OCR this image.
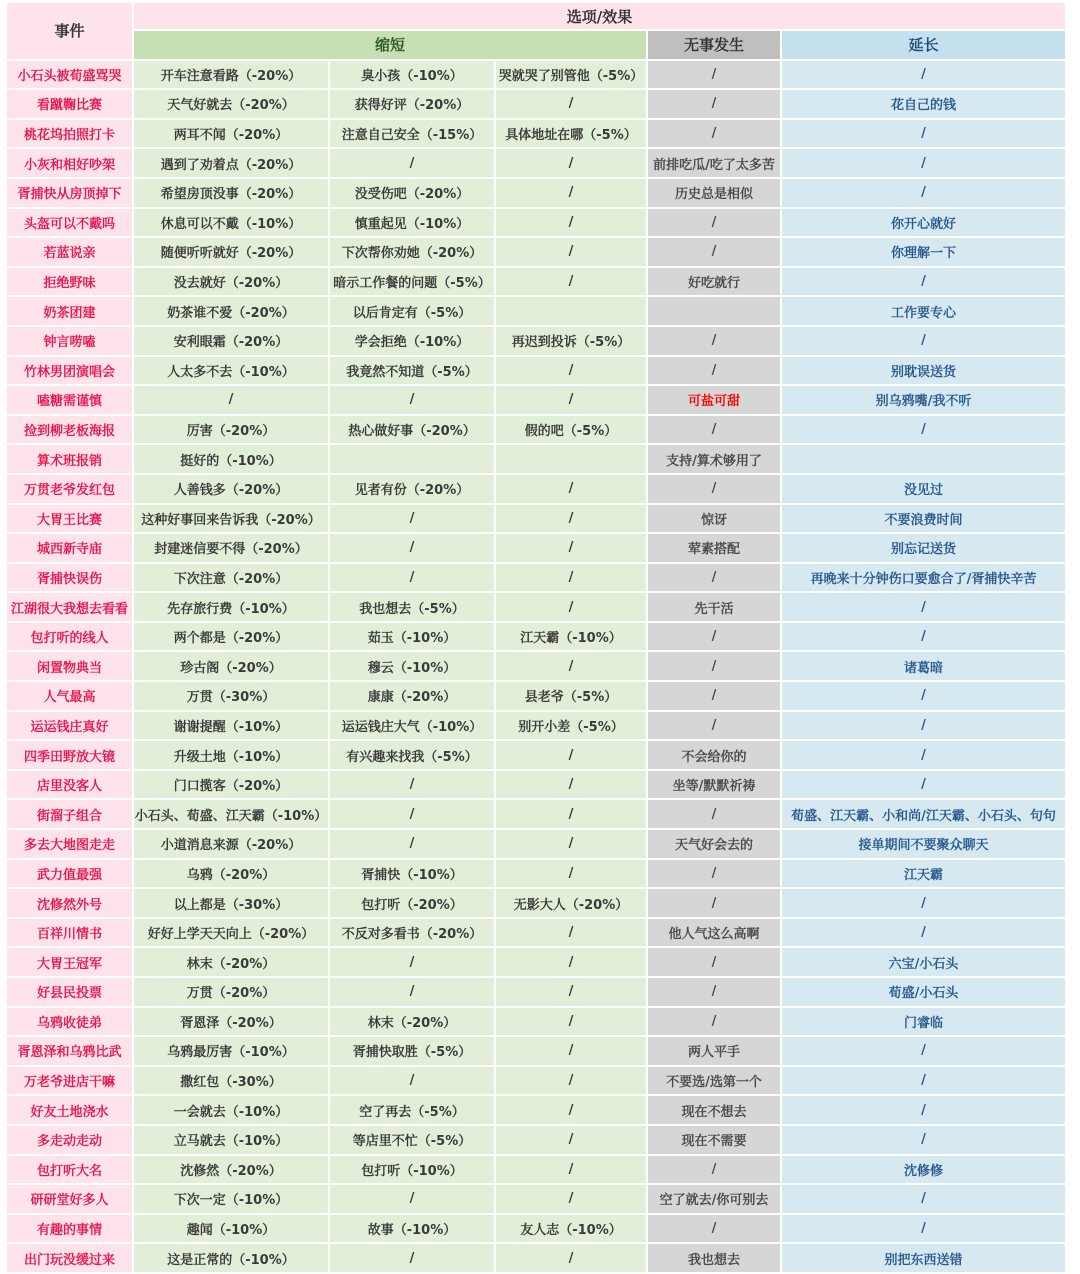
事件	选项/效果				
	缩短			无事发生	延长
小石头被荀盛骂哭	开车注意看路（-20%）	臭小孩（-10%）	哭就哭了别管他（-5%）	/	/
看蹴鞠比赛	天气好就去（-20%）	获得好评（-20%）	/	/	花自己的钱
桃花坞拍照打卡	两耳不闻（-20%）	注意自己安全（-15%）	具体地址在哪（-5%）	/	/
小灰和相好吵架	遇到了劝着点（-20%）	/	/	前排吃瓜/吃了太多苦	/
胥捕快从房顶掉下	希望房顶没事（-20%）	没受伤吧（-20%）	/	历史总是相似	/
头盔可以不戴吗	休息可以不戴（-10%）	慎重起见（-10%）	/	/	你开心就好
若蓝说亲	随便听听就好（-20%）	下次帮你劝她（-20%）	/	/	你理解一下
拒绝野味	没去就好（-20%）	暗示工作餐的问题（-5%）	/	好吃就行	/
奶茶团建	奶茶谁不爱（-20%）	以后肯定有（-5%）			工作要专心
钟言唠嗑	安利眼霜（-20%）	学会拒绝（-10%）	再迟到投诉（-5%）	/	/
竹林男团演唱会	人太多不去（-10%）	我竟然不知道（-5%）	/	/	别耽误送货
嗑糖需谨慎	/	/	/	可盐可甜	别乌鸦嘴/我不听
捡到柳老板海报	厉害（-20%）	热心做好事（-20%）	假的吧（-5%）	/	/
算术班报销	挺好的（-10%）			支持/算术够用了	
万贯老爷发红包	人善钱多（-20%）	见者有份（-20%）	/	/	没见过
大胃王比赛	这种好事回来告诉我（-20%）	/	/	惊讶	不要浪费时间
城西新寺庙	封建迷信要不得（-20%）	/	/	荤素搭配	别忘记送货
胥捕快误伤	下次注意（-20%）	/	/	/	再晚来十分钟伤口要愈合了/胥捕快辛苦
江湖很大我想去看看	先存旅行费（-10%）	我也想去（-5%）	/	先干活	/
包打听的线人	两个都是（-20%）	茹玉（-10%）	江天霸（-10%）	/	/
闲置物典当	珍古阁（-20%）	穆云（-10%）	/	/	诸葛暗
人气最高	万贯（-30%）	康康（-20%）	县老爷（-5%）	/	/
运运钱庄真好	谢谢提醒（-10%）	运运钱庄大气（-10%）	别开小差（-5%）	/	/
四季田野放大镜	升级土地（-10%）	有兴趣来找我（-5%）	/	不会给你的	/
店里没客人	门口揽客（-20%）	/	/	坐等/默默祈祷	/
街溜子组合	小石头、荀盛、江天霸（-10%）	/	/	/	荀盛、江天霸、小和尚/江天霸、小石头、句句
多去大地图走走	小道消息来源（-20%）	/	/	天气好会去的	接单期间不要聚众聊天
武力值最强	乌鸦（-20%）	胥捕快（-10%）	/	/	江天霸
沈修然外号	以上都是（-30%）	包打听（-20%）	无影大人（-20%）	/	/
百祥川情书	好好上学天天向上（-20%）	不反对多看书（-20%）	/	他人气这么高啊	/
大胃王冠军	林末（-20%）	/	/	/	六宝/小石头
好县民投票	万贯（-20%）	/	/	/	荀盛/小石头
乌鸦收徒弟	胥恩泽（-20%）	林末（-20%）	/	/	门睿临
胥恩泽和乌鸦比武	乌鸦最厉害（-10%）	胥捕快取胜（-5%）	/	两人平手	/
万老爷进店干嘛	撒红包（-30%）	/	/	不要选/选第一个	/
好友土地浇水	一会就去（-10%）	空了再去（-5%）	/	现在不想去	/
多走动走动	立马就去（-10%）	等店里不忙（-5%）	/	现在不需要	/
包打听大名	沈修然（-20%）	包打听（-10%）	/	/	沈修修
研研堂好多人	下次一定（-10%）	/	/	空了就去/你可别去	/
有趣的事情	趣闻（-10%）	故事（-10%）	友人志（-10%）	/	/
出门玩没缓过来	这是正常的（-10%）	/	/	我也想去	别把东西送错
